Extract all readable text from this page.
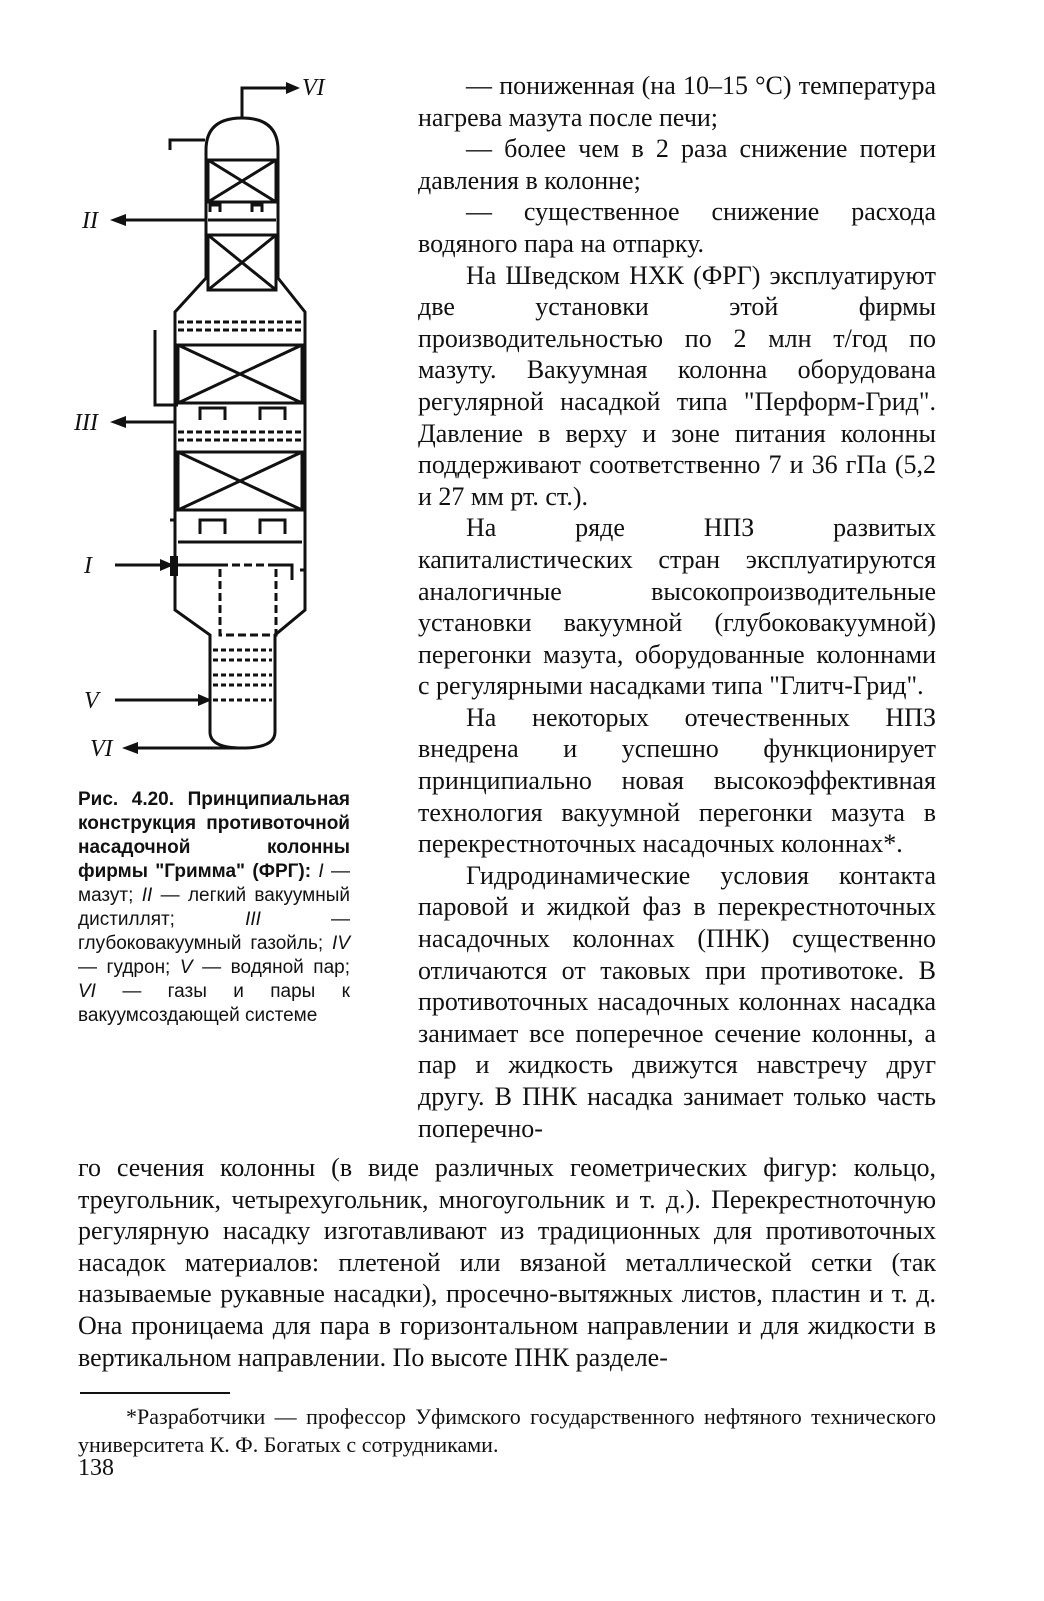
VI
II
III
I
V
VI

Рис. 4.20. Принципиальная конструкция противоточной насадочной колонны фирмы "Гримма" (ФРГ): I — мазут; II — легкий вакуумный дистиллят; III — глубоковакуумный газойль; IV — гудрон; V — водяной пар; VI — газы и пары к вакуумсоздающей системе

— пониженная (на 10–15 °С) температура нагрева мазута после печи;

— более чем в 2 раза снижение потери давления в колонне;

— существенное снижение расхода водяного пара на отпарку.

На Шведском НХК (ФРГ) эксплуатируют две установки этой фирмы производительностью по 2 млн т/год по мазуту. Вакуумная колонна оборудована регулярной насадкой типа "Перформ-Грид". Давление в верху и зоне питания колонны поддерживают соответственно 7 и 36 гПа (5,2 и 27 мм рт. ст.).

На ряде НПЗ развитых капиталистических стран эксплуатируются аналогичные высокопроизводительные установки вакуумной (глубоковакуумной) перегонки мазута, оборудованные колоннами с регулярными насадками типа "Глитч-Грид".

На некоторых отечественных НПЗ внедрена и успешно функционирует принципиально новая высокоэффективная технология вакуумной перегонки мазута в перекрестноточных насадочных колоннах*.

Гидродинамические условия контакта паровой и жидкой фаз в перекрестноточных насадочных колоннах (ПНК) существенно отличаются от таковых при противотоке. В противоточных насадочных колоннах насадка занимает все поперечное сечение колонны, а пар и жидкость движутся навстречу друг другу. В ПНК насадка занимает только часть поперечно-

го сечения колонны (в виде различных геометрических фигур: кольцо, треугольник, четырехугольник, многоугольник и т. д.). Перекрестноточную регулярную насадку изготавливают из традиционных для противоточных насадок материалов: плетеной или вязаной металлической сетки (так называемые рукавные насадки), просечно-вытяжных листов, пластин и т. д. Она проницаема для пара в горизонтальном направлении и для жидкости в вертикальном направлении. По высоте ПНК разделе-

*Разработчики — профессор Уфимского государственного нефтяного технического университета К. Ф. Богатых с сотрудниками.

138
